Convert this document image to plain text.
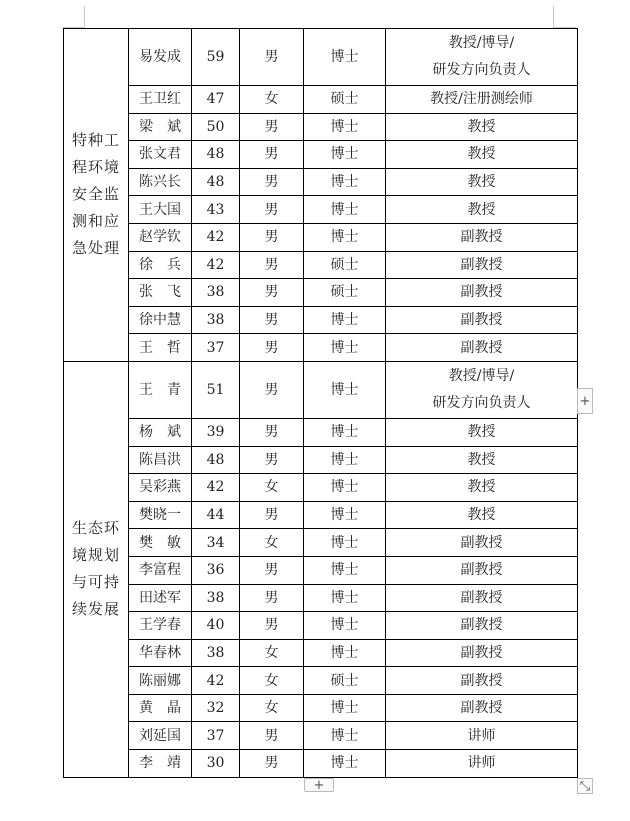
特种工程环境安全监测和应急处理	易发成	59	男	博士	教授/博导/
研发方向负责人

	王卫红	47	女	硕士	教授/注册测绘师

	梁　斌	50	男	博士	教授

	张文君	48	男	博士	教授

	陈兴长	48	男	博士	教授

	王大国	43	男	博士	教授

	赵学钦	42	男	博士	副教授

	徐　兵	42	男	硕士	副教授

	张　飞	38	男	硕士	副教授

	徐中慧	38	男	博士	副教授

	王　哲	37	男	博士	副教授

生态环境规划与可持续发展	王　青	51	男	博士	教授/博导/
研发方向负责人

	杨　斌	39	男	博士	教授

	陈昌洪	48	男	博士	教授

	吴彩燕	42	女	博士	教授

	樊晓一	44	男	博士	教授

	樊　敏	34	女	博士	副教授

	李富程	36	男	博士	副教授

	田述军	38	男	博士	副教授

	王学春	40	男	博士	副教授

	华春林	38	女	博士	副教授

	陈丽娜	42	女	硕士	副教授

	黄　晶	32	女	博士	副教授

	刘延国	37	男	博士	讲师

	李　靖	30	男	博士	讲师
+
+	⤡
